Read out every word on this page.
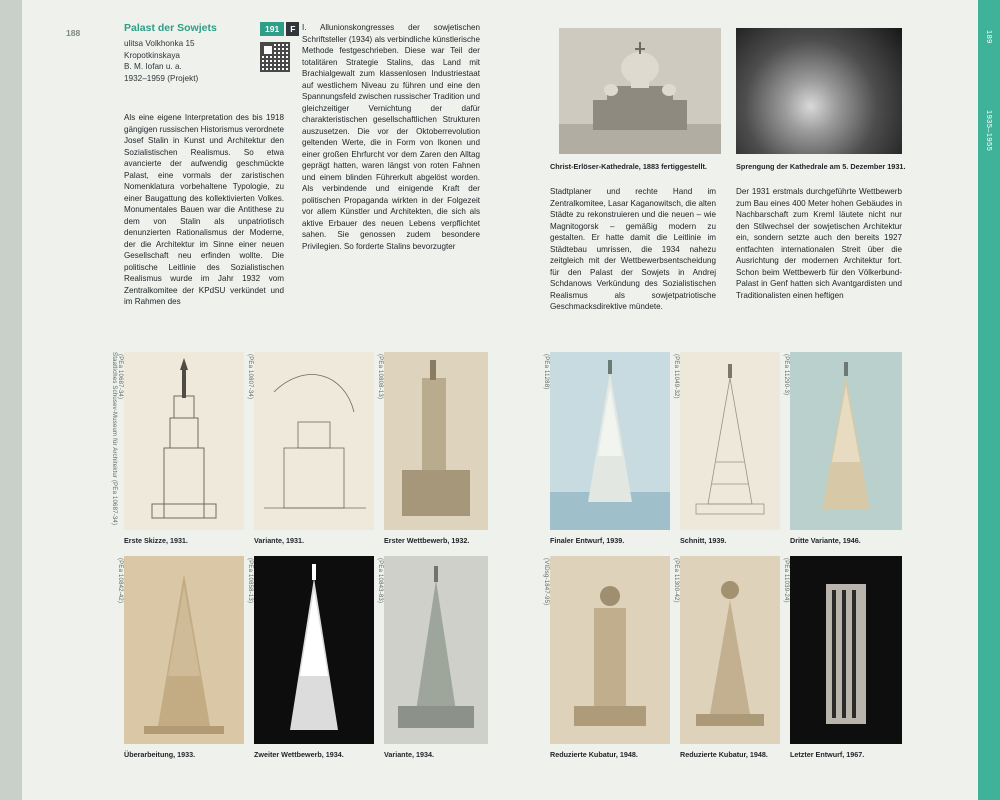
188	Palast der Sowjets
ulitsa Volkhonka 15
Kropotkinskaya
B. M. Iofan u. a.
1932–1959 (Projekt)
191 F
Als eine eigene Interpretation des bis 1918 gängigen russischen Historismus verordnete Josef Stalin in Kunst und Architektur den Sozialistischen Realismus. So etwa avancierte der aufwendig geschmückte Palast, eine vormals der zaristischen Nomenklatura vorbehaltene Typologie, zu einer Baugattung des kollektivierten Volkes. Monumentales Bauen war die Antithese zu dem von Stalin als unpatriotisch denunzierten Rationalismus der Moderne, der die Architektur im Sinne einer neuen Gesellschaft neu erfinden wollte. Die politische Leitlinie des Sozialistischen Realismus wurde im Jahr 1932 vom Zentralkomitee der KPdSU verkündet und im Rahmen des
I. Allunionskongresses der sowjetischen Schriftsteller (1934) als verbindliche künstlerische Methode festgeschrieben. Diese war Teil der totalitären Strategie Stalins, das Land mit Brachialgewalt zum klassenlosen Industriestaat auf westlichem Niveau zu führen und eine den Spannungsfeld zwischen russischer Tradition und gleichzeitiger Vernichtung der dafür charakteristischen gesellschaftlichen Strukturen auszusetzen. Die vor der Oktoberrevolution geltenden Werte, die in Form von Ikonen und einer großen Ehrfurcht vor dem Zaren den Alltag geprägt hatten, waren längst von roten Fahnen und einem blinden Führerkult abgelöst worden. Als verbindende und einigende Kraft der politischen Propaganda wirkten in der Folgezeit vor allem Künstler und Architekten, die sich als aktive Erbauer des neuen Lebens verpflichtet sahen. Sie genossen zudem besondere Privilegien. So forderte Stalins bevorzugter
Stadtplaner und rechte Hand im Zentralkomitee, Lasar Kaganowitsch, die alten Städte zu rekonstruieren und die neuen – wie Magnitogorsk – gemäßig modern zu gestalten. Er hatte damit die Leitlinie im Städtebau umrissen, die 1934 nahezu zeitgleich mit der Wettbewerbsentscheidung für den Palast der Sowjets in Andrej Schdanows Verkündung des Sozialistischen Realismus als sowjetpatriotische Geschmacksdirektive mündete.
Der 1931 erstmals durchgeführte Wettbewerb zum Bau eines 400 Meter hohen Gebäudes in Nachbarschaft zum Kreml läutete nicht nur den Stilwechsel der sowjetischen Architektur ein, sondern setzte auch den bereits 1927 entfachten internationalen Streit über die Ausrichtung der modernen Architektur fort. Schon beim Wettbewerb für den Völkerbund-Palast in Genf hatten sich Avantgardisten und Traditionalisten einen heftigen
Christ-Erlöser-Kathedrale, 1883 fertiggestellt.	Sprengung der Kathedrale am 5. Dezember 1931.
Staatliches Schusev-Museum für Architektur (PEa 10687-34) (PEa 10687-34)
Erste Skizze, 1931.
(PEa 10807-34)
Variante, 1931.
(PEa 10808-13)
Erster Wettbewerb, 1932.
(PEa 10842-42)
Überarbeitung, 1933.
(PEa 10858-13)
Zweiter Wettbewerb, 1934.
(PEa 10843-83)
Variante, 1934.
(PEa 11288)
Finaler Entwurf, 1939.
(PEa 11049-32)
Schnitt, 1939.
(PEa 11290-3)
Dritte Variante, 1946.
(VIDsg-1847-95)
Reduzierte Kubatur, 1948.
(PEa 11300-42)
Reduzierte Kubatur, 1948.
(PEa 11039-24)
Letzter Entwurf, 1967.
189
1935–1955
